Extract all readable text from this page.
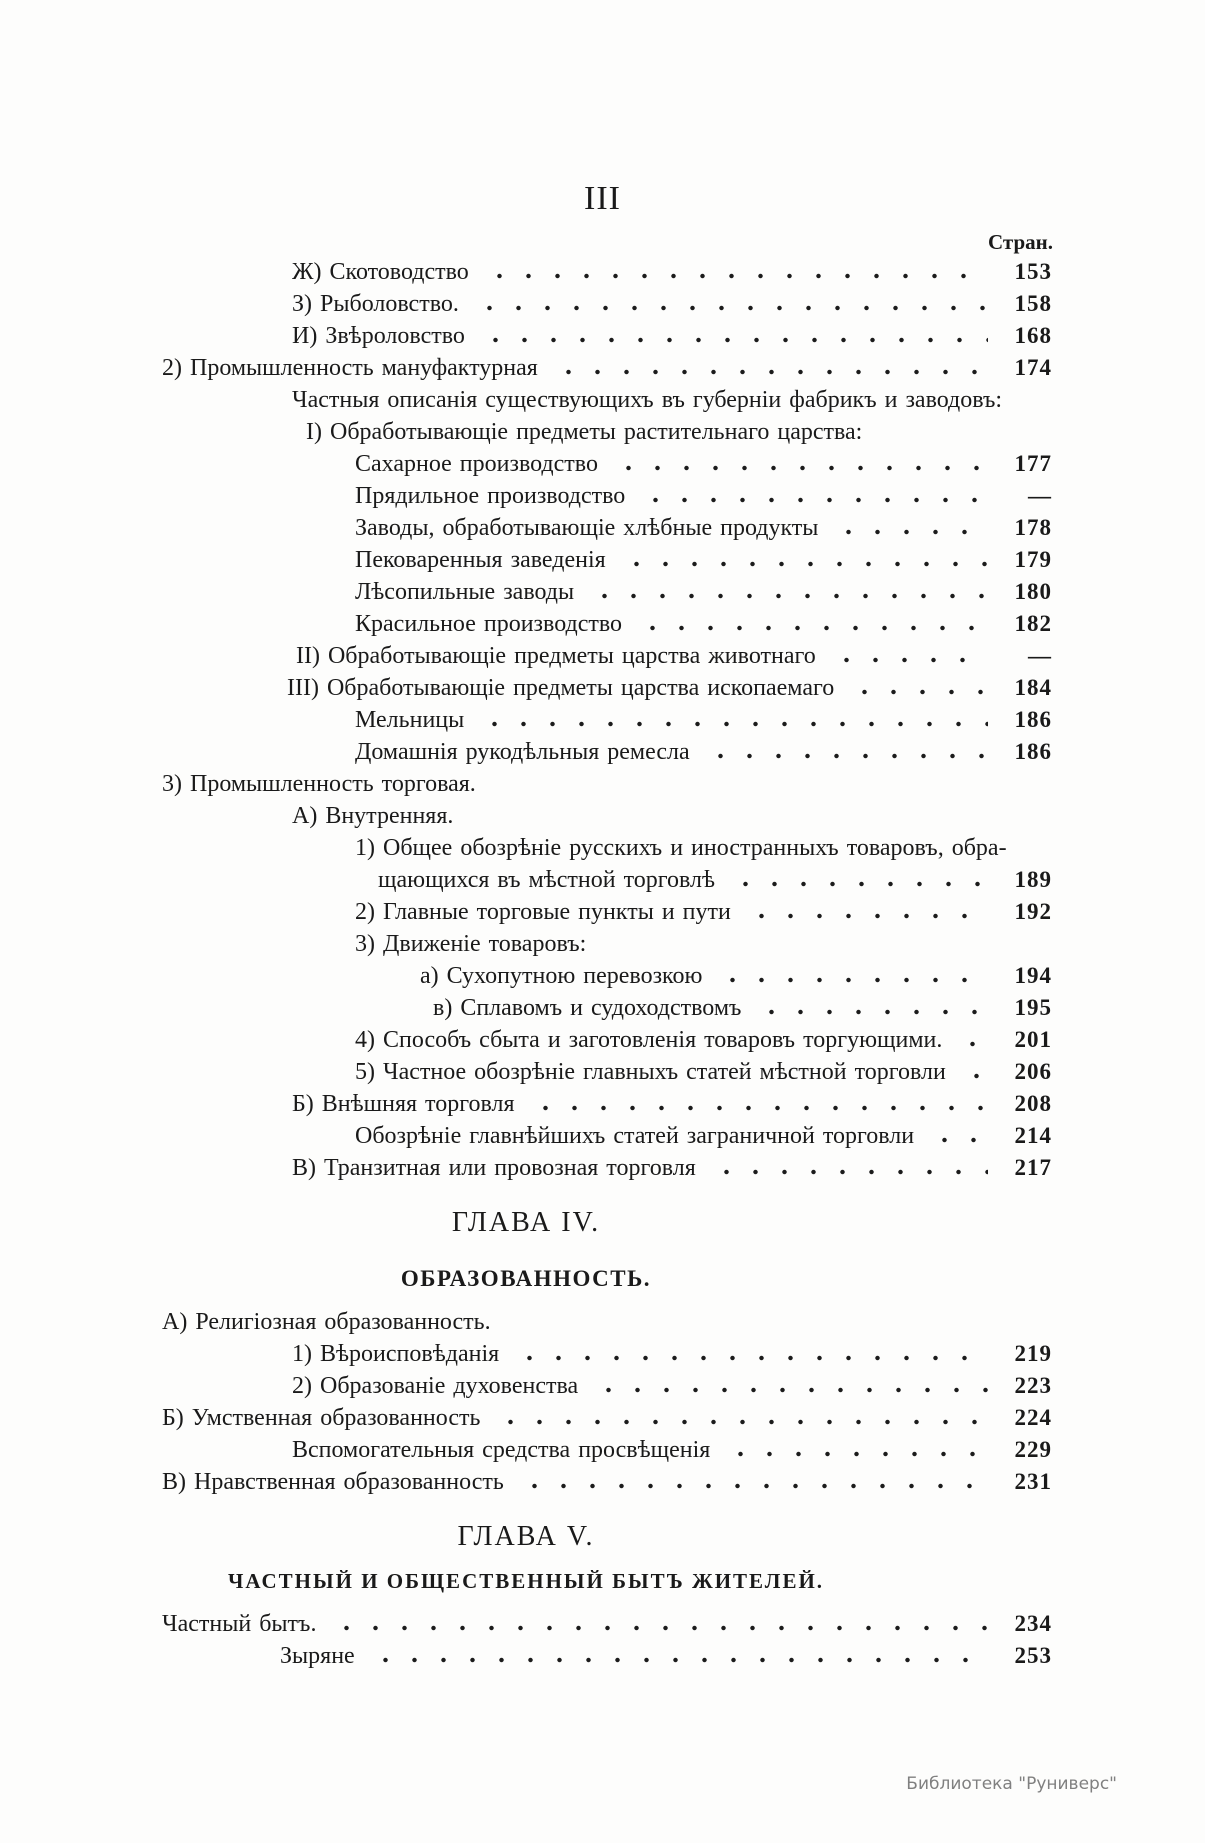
III
Стран.
Ж) Скотоводство	153
З) Рыболовство.	158
И) Звѣроловство	168
2) Промышленность мануфактурная	174
Частныя описанія существующихъ въ губерніи фабрикъ и заводовъ:
I) Обработывающіе предметы растительнаго царства:
Сахарное производство	177
Прядильное производство	—
Заводы, обработывающіе хлѣбные продукты	178
Пековаренныя заведенія	179
Лѣсопильные заводы	180
Красильное производство	182
II) Обработывающіе предметы царства животнаго	—
III) Обработывающіе предметы царства ископаемаго	184
Мельницы	186
Домашнія рукодѣльныя ремесла	186
3) Промышленность торговая.
А) Внутренняя.
1) Общее обозрѣніе русскихъ и иностранныхъ товаровъ, обра-
щающихся въ мѣстной торговлѣ	189
2) Главные торговые пункты и пути	192
3) Движеніе товаровъ:
а) Сухопутною перевозкою	194
в) Сплавомъ и судоходствомъ	195
4) Способъ сбыта и заготовленія товаровъ торгующими.	201
5) Частное обозрѣніе главныхъ статей мѣстной торговли	206
Б) Внѣшняя торговля	208
Обозрѣніе главнѣйшихъ статей заграничной торговли	214
В) Транзитная или провозная торговля	217
ГЛАВА IV.
ОБРАЗОВАННОСТЬ.
А) Религіозная образованность.
1) Вѣроисповѣданія	219
2) Образованіе духовенства	223
Б) Умственная образованность	224
Вспомогательныя средства просвѣщенія	229
В) Нравственная образованность	231
ГЛАВА V.
ЧАСТНЫЙ И ОБЩЕСТВЕННЫЙ БЫТЪ ЖИТЕЛЕЙ.
Частный бытъ.	234
Зыряне	253
Библиотека "Руниверс"
